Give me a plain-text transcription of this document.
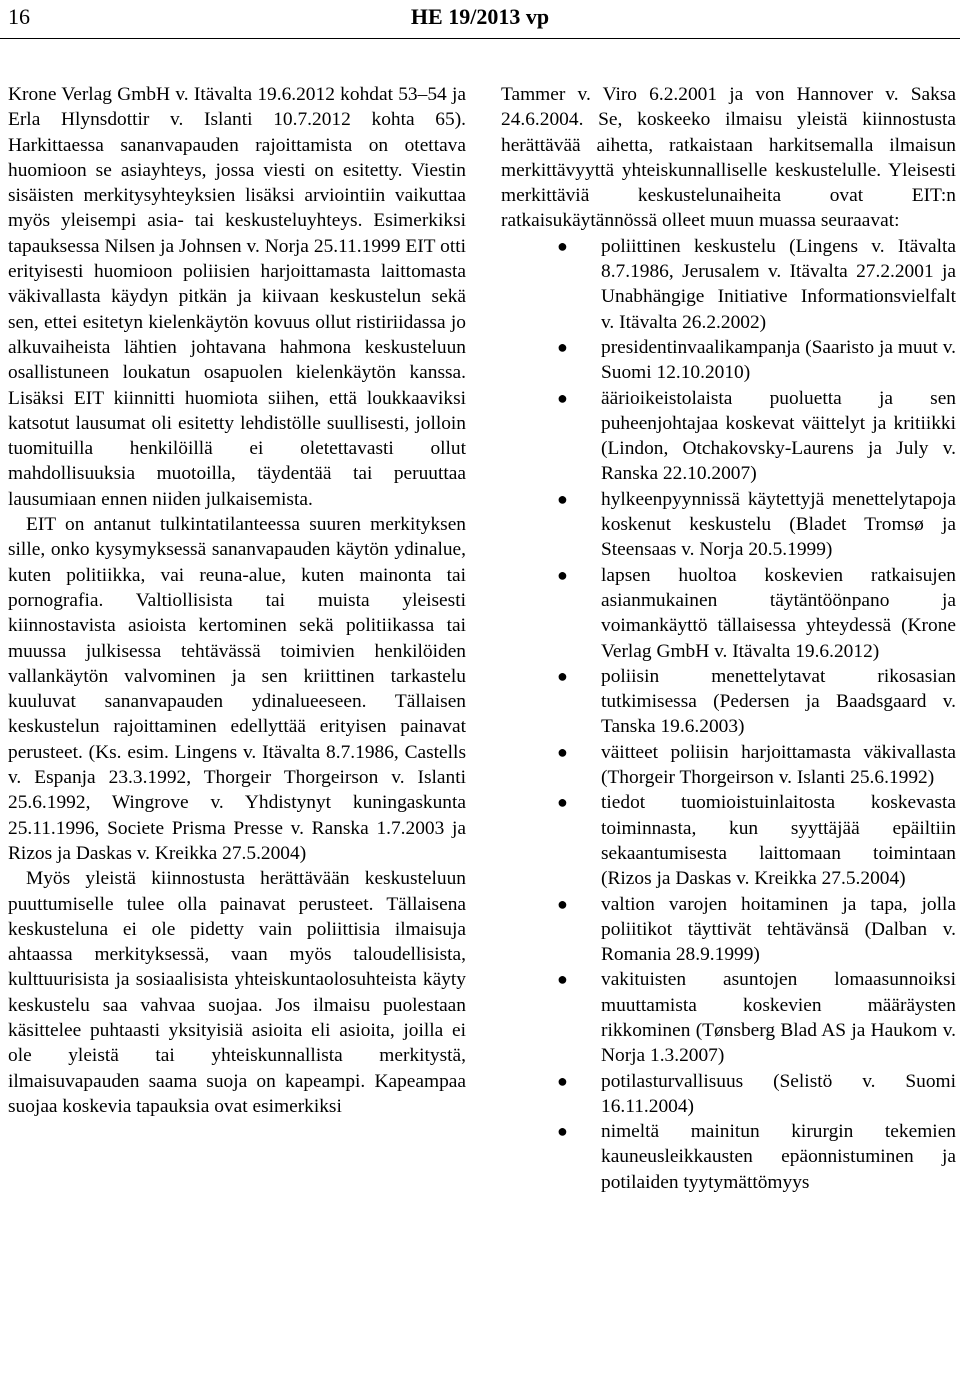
16	HE 19/2013 vp

Krone Verlag GmbH v. Itävalta 19.6.2012 kohdat 53–54 ja Erla Hlynsdottir v. Islanti 10.7.2012 kohta 65). Harkittaessa sananvapauden rajoittamista on otettava huomioon se asiayhteys, jossa viesti on esitetty. Viestin sisäisten merkitysyhteyksien lisäksi arviointiin vaikuttaa myös yleisempi asia- tai keskusteluyhteys. Esimerkiksi tapauksessa Nilsen ja Johnsen v. Norja 25.11.1999 EIT otti erityisesti huomioon poliisien harjoittamasta laittomasta väkivallasta käydyn pitkän ja kiivaan keskustelun sekä sen, ettei esitetyn kielenkäytön kovuus ollut ristiriidassa jo alkuvaiheista lähtien johtavana hahmona keskusteluun osallistuneen loukatun osapuolen kielenkäytön kanssa. Lisäksi EIT kiinnitti huomiota siihen, että loukkaaviksi katsotut lausumat oli esitetty lehdistölle suullisesti, jolloin tuomituilla henkilöillä ei oletettavasti ollut mahdollisuuksia muotoilla, täydentää tai peruuttaa lausumiaan ennen niiden julkaisemista.

EIT on antanut tulkintatilanteessa suuren merkityksen sille, onko kysymyksessä sananvapauden käytön ydinalue, kuten politiikka, vai reuna-alue, kuten mainonta tai pornografia. Valtiollisista tai muista yleisesti kiinnostavista asioista kertominen sekä politiikassa tai muussa julkisessa tehtävässä toimivien henkilöiden vallankäytön valvominen ja sen kriittinen tarkastelu kuuluvat sananvapauden ydinalueeseen. Tällaisen keskustelun rajoittaminen edellyttää erityisen painavat perusteet. (Ks. esim. Lingens v. Itävalta 8.7.1986, Castells v. Espanja 23.3.1992, Thorgeir Thorgeirson v. Islanti 25.6.1992, Wingrove v. Yhdistynyt kuningaskunta 25.11.1996, Societe Prisma Presse v. Ranska 1.7.2003 ja Rizos ja Daskas v. Kreikka 27.5.2004)

Myös yleistä kiinnostusta herättävään keskusteluun puuttumiselle tulee olla painavat perusteet. Tällaisena keskusteluna ei ole pidetty vain poliittisia ilmaisuja ahtaassa merkityksessä, vaan myös taloudellisista, kulttuurisista ja sosiaalisista yhteiskuntaolosuhteista käyty keskustelu saa vahvaa suojaa. Jos ilmaisu puolestaan käsittelee puhtaasti yksityisiä asioita eli asioita, joilla ei ole yleistä tai yhteiskunnallista merkitystä, ilmaisuvapauden saama suoja on kapeampi. Kapeampaa suojaa koskevia tapauksia ovat esimerkiksi

Tammer v. Viro 6.2.2001 ja von Hannover v. Saksa 24.6.2004. Se, koskeeko ilmaisu yleistä kiinnostusta herättävää aihetta, ratkaistaan harkitsemalla ilmaisun merkittävyyttä yhteiskunnalliselle keskustelulle. Yleisesti merkittäviä keskustelunaiheita ovat EIT:n ratkaisukäytännössä olleet muun muassa seuraavat:

● poliittinen keskustelu (Lingens v. Itävalta 8.7.1986, Jerusalem v. Itävalta 27.2.2001 ja Unabhängige Initiative Informationsvielfalt v. Itävalta 26.2.2002)
● presidentinvaalikampanja (Saaristo ja muut v. Suomi 12.10.2010)
● äärioikeistolaista puoluetta ja sen puheenjohtajaa koskevat väittelyt ja kritiikki (Lindon, Otchakovsky-Laurens ja July v. Ranska 22.10.2007)
● hylkeenpyynnissä käytettyjä menettelytapoja koskenut keskustelu (Bladet Tromsø ja Steensaas v. Norja 20.5.1999)
● lapsen huoltoa koskevien ratkaisujen asianmukainen täytäntöönpano ja voimankäyttö tällaisessa yhteydessä (Krone Verlag GmbH v. Itävalta 19.6.2012)
● poliisin menettelytavat rikosasian tutkimisessa (Pedersen ja Baadsgaard v. Tanska 19.6.2003)
● väitteet poliisin harjoittamasta väkivallasta (Thorgeir Thorgeirson v. Islanti 25.6.1992)
● tiedot tuomioistuinlaitosta koskevasta toiminnasta, kun syyttäjää epäiltiin sekaantumisesta laittomaan toimintaan (Rizos ja Daskas v. Kreikka 27.5.2004)
● valtion varojen hoitaminen ja tapa, jolla poliitikot täyttivät tehtävänsä (Dalban v. Romania 28.9.1999)
● vakituisten asuntojen lomaasunnoiksi muuttamista koskevien määräysten rikkominen (Tønsberg Blad AS ja Haukom v. Norja 1.3.2007)
● potilasturvallisuus (Selistö v. Suomi 16.11.2004)
● nimeltä mainitun kirurgin tekemien kauneusleikkausten epäonnistuminen ja potilaiden tyytymättömyys
